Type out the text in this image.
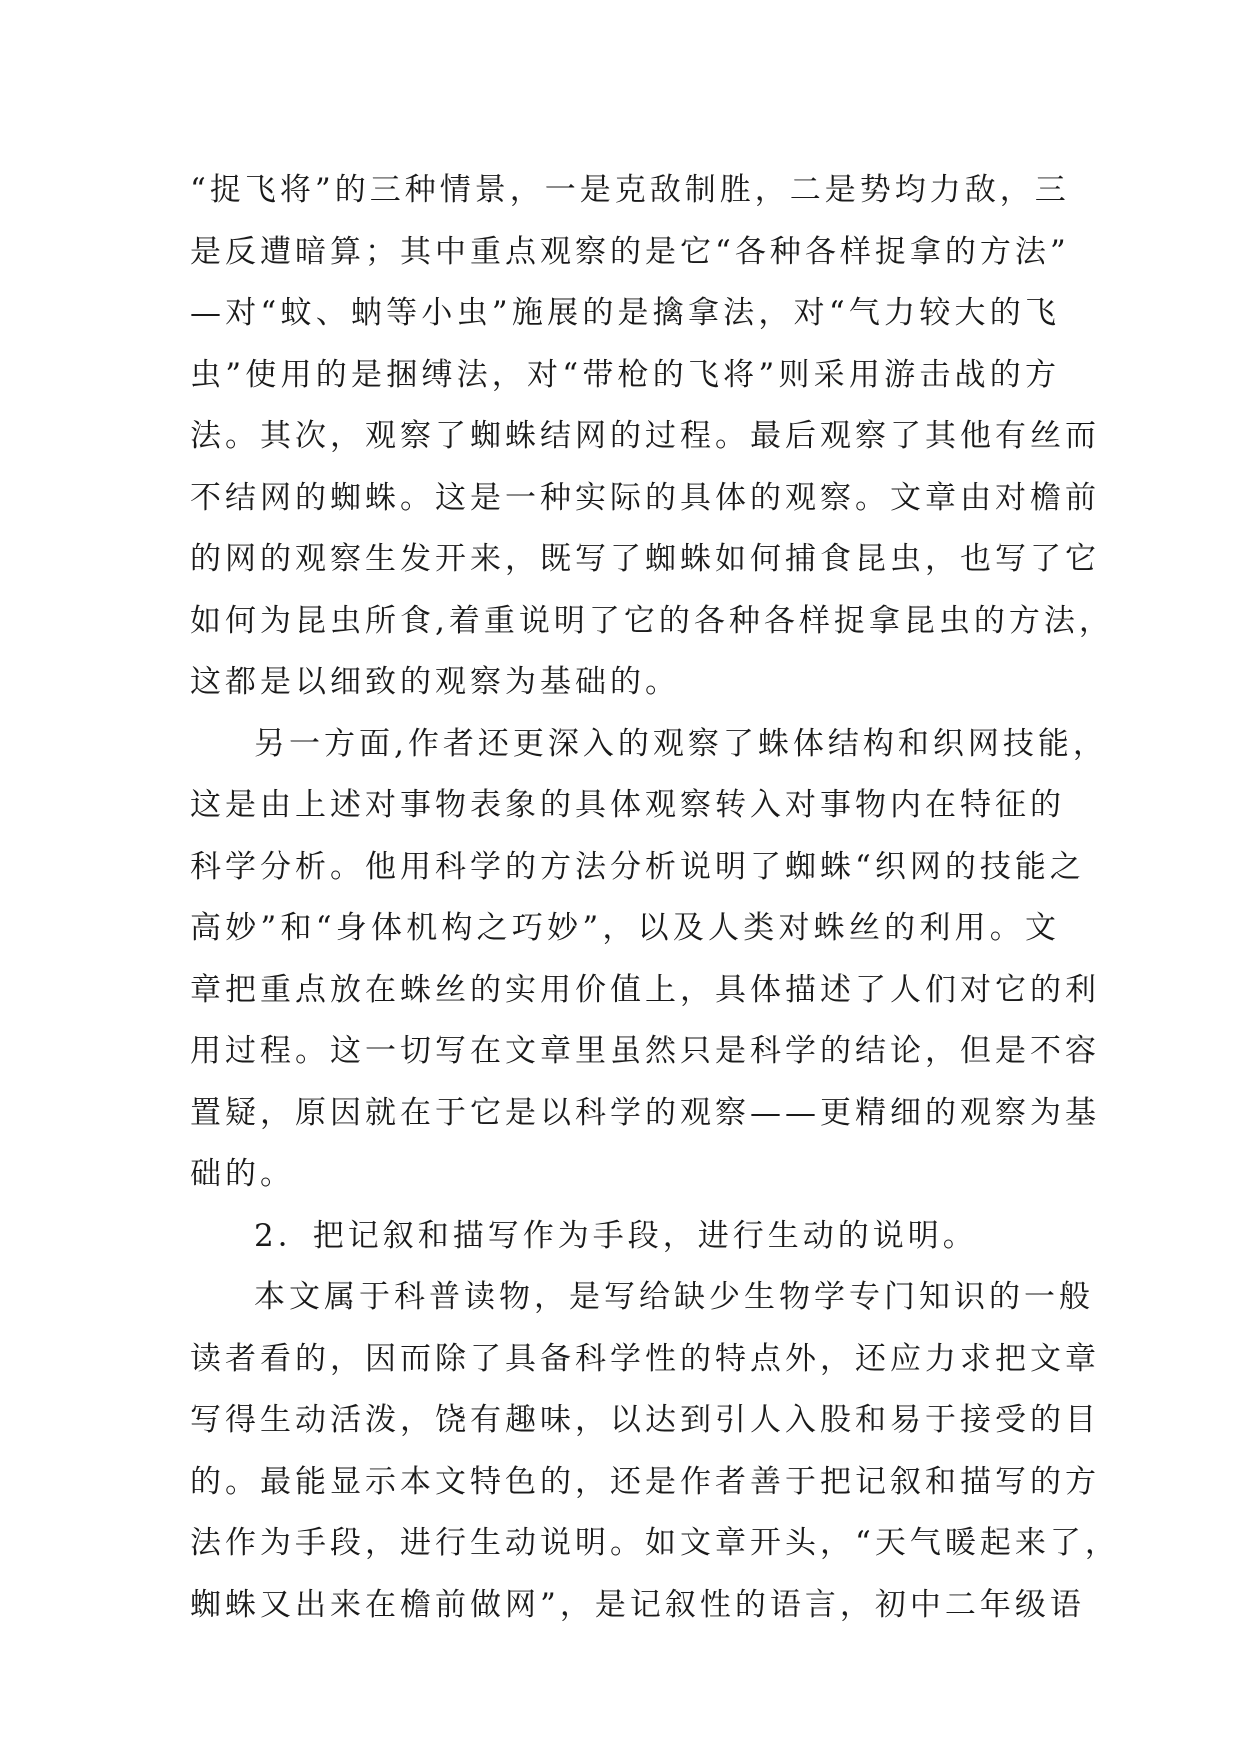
“捉飞将”的三种情景，一是克敌制胜，二是势均力敌，三
是反遭暗算；其中重点观察的是它“各种各样捉拿的方法”
—对“蚊、蚋等小虫”施展的是擒拿法，对“气力较大的飞
虫”使用的是捆缚法，对“带枪的飞将”则采用游击战的方
法。其次，观察了蜘蛛结网的过程。最后观察了其他有丝而
不结网的蜘蛛。这是一种实际的具体的观察。文章由对檐前
的网的观察生发开来，既写了蜘蛛如何捕食昆虫，也写了它
如何为昆虫所食,着重说明了它的各种各样捉拿昆虫的方法，
这都是以细致的观察为基础的。
另一方面,作者还更深入的观察了蛛体结构和织网技能，
这是由上述对事物表象的具体观察转入对事物内在特征的
科学分析。他用科学的方法分析说明了蜘蛛“织网的技能之
高妙”和“身体机构之巧妙”，以及人类对蛛丝的利用。文
章把重点放在蛛丝的实用价值上，具体描述了人们对它的利
用过程。这一切写在文章里虽然只是科学的结论，但是不容
置疑，原因就在于它是以科学的观察——更精细的观察为基
础的。
2．把记叙和描写作为手段，进行生动的说明。
本文属于科普读物，是写给缺少生物学专门知识的一般
读者看的，因而除了具备科学性的特点外，还应力求把文章
写得生动活泼，饶有趣味，以达到引人入股和易于接受的目
的。最能显示本文特色的，还是作者善于把记叙和描写的方
法作为手段，进行生动说明。如文章开头，“天气暖起来了，
蜘蛛又出来在檐前做网”，是记叙性的语言，初中二年级语
